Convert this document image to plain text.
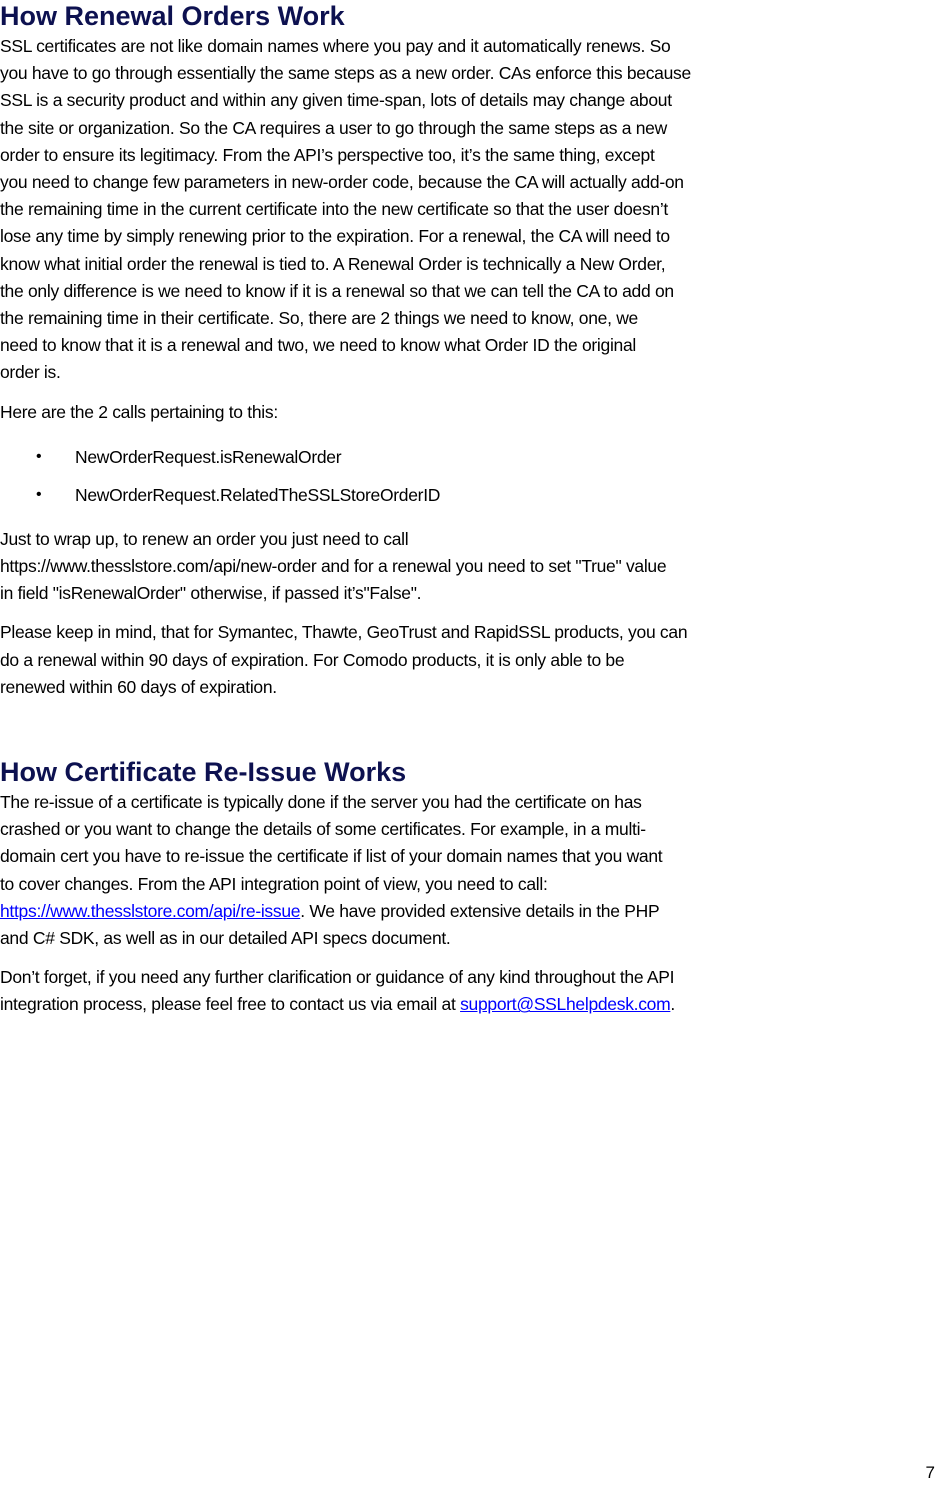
How Renewal Orders Work

SSL certificates are not like domain names where you pay and it automatically renews. So
you have to go through essentially the same steps as a new order. CAs enforce this because
SSL is a security product and within any given time-span, lots of details may change about
the site or organization. So the CA requires a user to go through the same steps as a new
order to ensure its legitimacy. From the API’s perspective too, it’s the same thing, except
you need to change few parameters in new-order code, because the CA will actually add-on
the remaining time in the current certificate into the new certificate so that the user doesn’t
lose any time by simply renewing prior to the expiration. For a renewal, the CA will need to
know what initial order the renewal is tied to. A Renewal Order is technically a New Order,
the only difference is we need to know if it is a renewal so that we can tell the CA to add on
the remaining time in their certificate. So, there are 2 things we need to know, one, we
need to know that it is a renewal and two, we need to know what Order ID the original
order is.

Here are the 2 calls pertaining to this:

• NewOrderRequest.isRenewalOrder
• NewOrderRequest.RelatedTheSSLStoreOrderID

Just to wrap up, to renew an order you just need to call
https://www.thesslstore.com/api/new-order and for a renewal you need to set "True" value
in field "isRenewalOrder" otherwise, if passed it’s"False".

Please keep in mind, that for Symantec, Thawte, GeoTrust and RapidSSL products, you can
do a renewal within 90 days of expiration. For Comodo products, it is only able to be
renewed within 60 days of expiration.

How Certificate Re-Issue Works

The re-issue of a certificate is typically done if the server you had the certificate on has
crashed or you want to change the details of some certificates. For example, in a multi-
domain cert you have to re-issue the certificate if list of your domain names that you want
to cover changes. From the API integration point of view, you need to call:
https://www.thesslstore.com/api/re-issue. We have provided extensive details in the PHP
and C# SDK, as well as in our detailed API specs document.

Don’t forget, if you need any further clarification or guidance of any kind throughout the API
integration process, please feel free to contact us via email at support@SSLhelpdesk.com.

7
